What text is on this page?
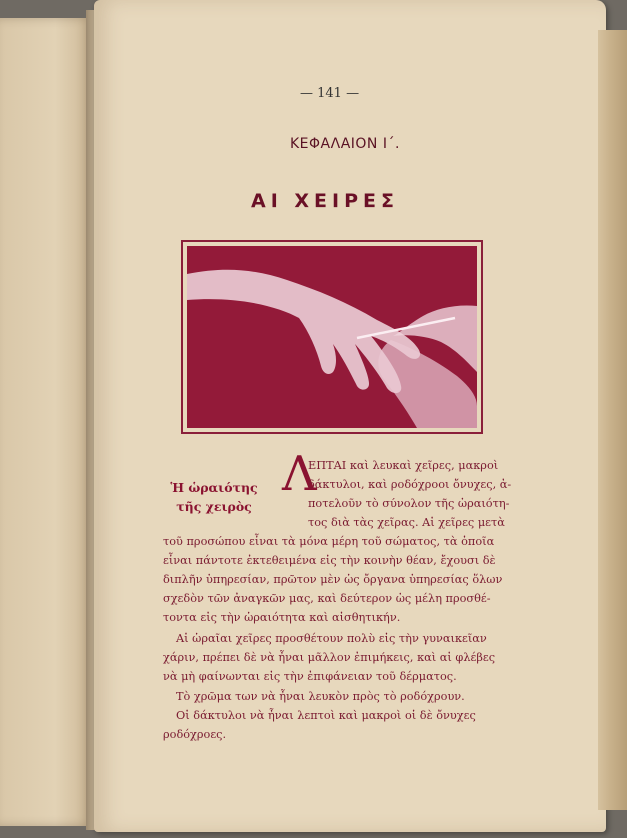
— 141 —
ΚΕΦΑΛΑΙΟΝ Ι΄.
ΑΙ ΧΕΙΡΕΣ
Ἡ ὡραιότης
τῆς χειρὸς
Λ
ΕΠΤΑΙ καὶ λευκαὶ χεῖρες, μακροὶ
δάκτυλοι, καὶ ροδόχροοι ὄνυχες, ἀ-
ποτελοῦν τὸ σύνολον τῆς ὡραιότη-
τος διὰ τὰς χεῖρας. Αἱ χεῖρες μετὰ
τοῦ προσώπου εἶναι τὰ μόνα μέρη τοῦ σώματος, τὰ ὁποῖα
εἶναι πάντοτε ἐκτεθειμένα εἰς τὴν κοινὴν θέαν, ἔχουσι δὲ
διπλῆν ὑπηρεσίαν, πρῶτον μὲν ὡς ὄργανα ὑπηρεσίας ὅλων
σχεδὸν τῶν ἀναγκῶν μας, καὶ δεύτερον ὡς μέλη προσθέ-
τοντα εἰς τὴν ὡραιότητα καὶ αἰσθητικήν.
Αἱ ὡραῖαι χεῖρες προσθέτουν πολὺ εἰς τὴν γυναικεῖαν
χάριν, πρέπει δὲ νὰ ἦναι μᾶλλον ἐπιμήκεις, καὶ αἱ φλέβες
νὰ μὴ φαίνωνται εἰς τὴν ἐπιφάνειαν τοῦ δέρματος.
Τὸ χρῶμα των νὰ ἦναι λευκὸν πρὸς τὸ ροδόχρουν.
Οἱ δάκτυλοι νὰ ἦναι λεπτοὶ καὶ μακροὶ οἱ δὲ ὄνυχες
ροδόχροες.
